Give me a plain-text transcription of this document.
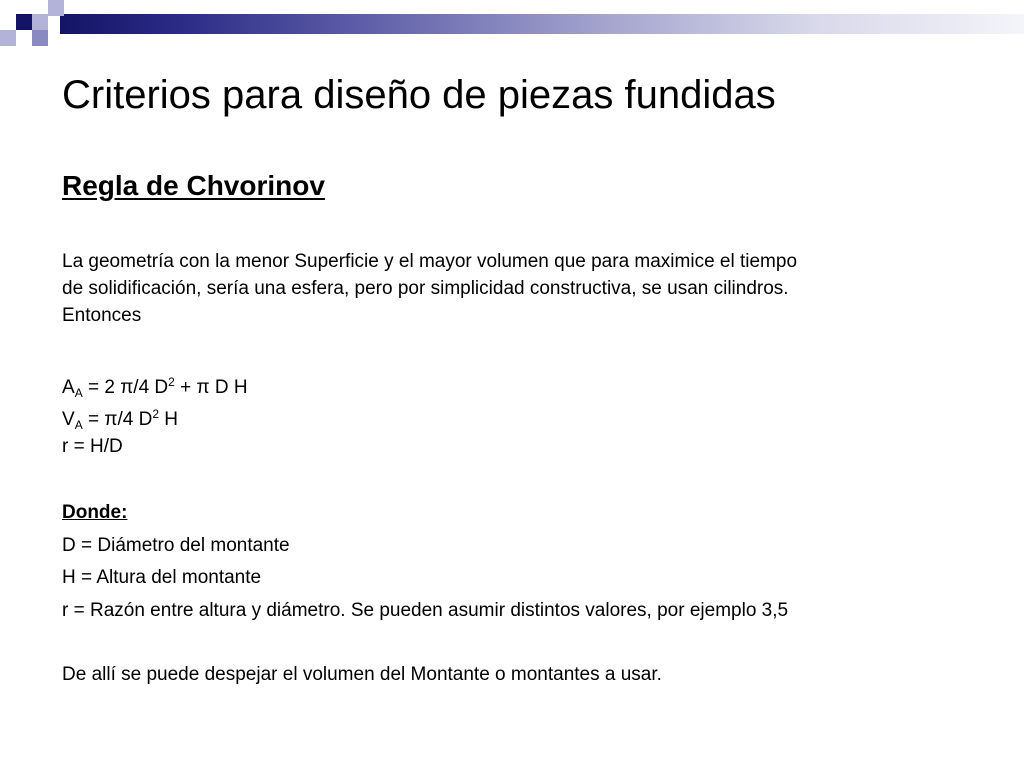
Criterios para diseño de piezas fundidas
Regla de Chvorinov
La geometría con la menor Superficie y el mayor volumen que para maximice el tiempo
de solidificación, sería una esfera, pero por simplicidad constructiva, se usan cilindros.
Entonces
$A_A = 2$ π/4 $D^2 + \pi$ D H
$V_A = \pi/4$ $D^2$ H
r = H/D
Donde:
D = Diámetro del montante
H = Altura del montante
r = Razón entre altura y diámetro. Se pueden asumir distintos valores, por ejemplo 3,5
De allí se puede despejar el volumen del Montante o montantes a usar.
